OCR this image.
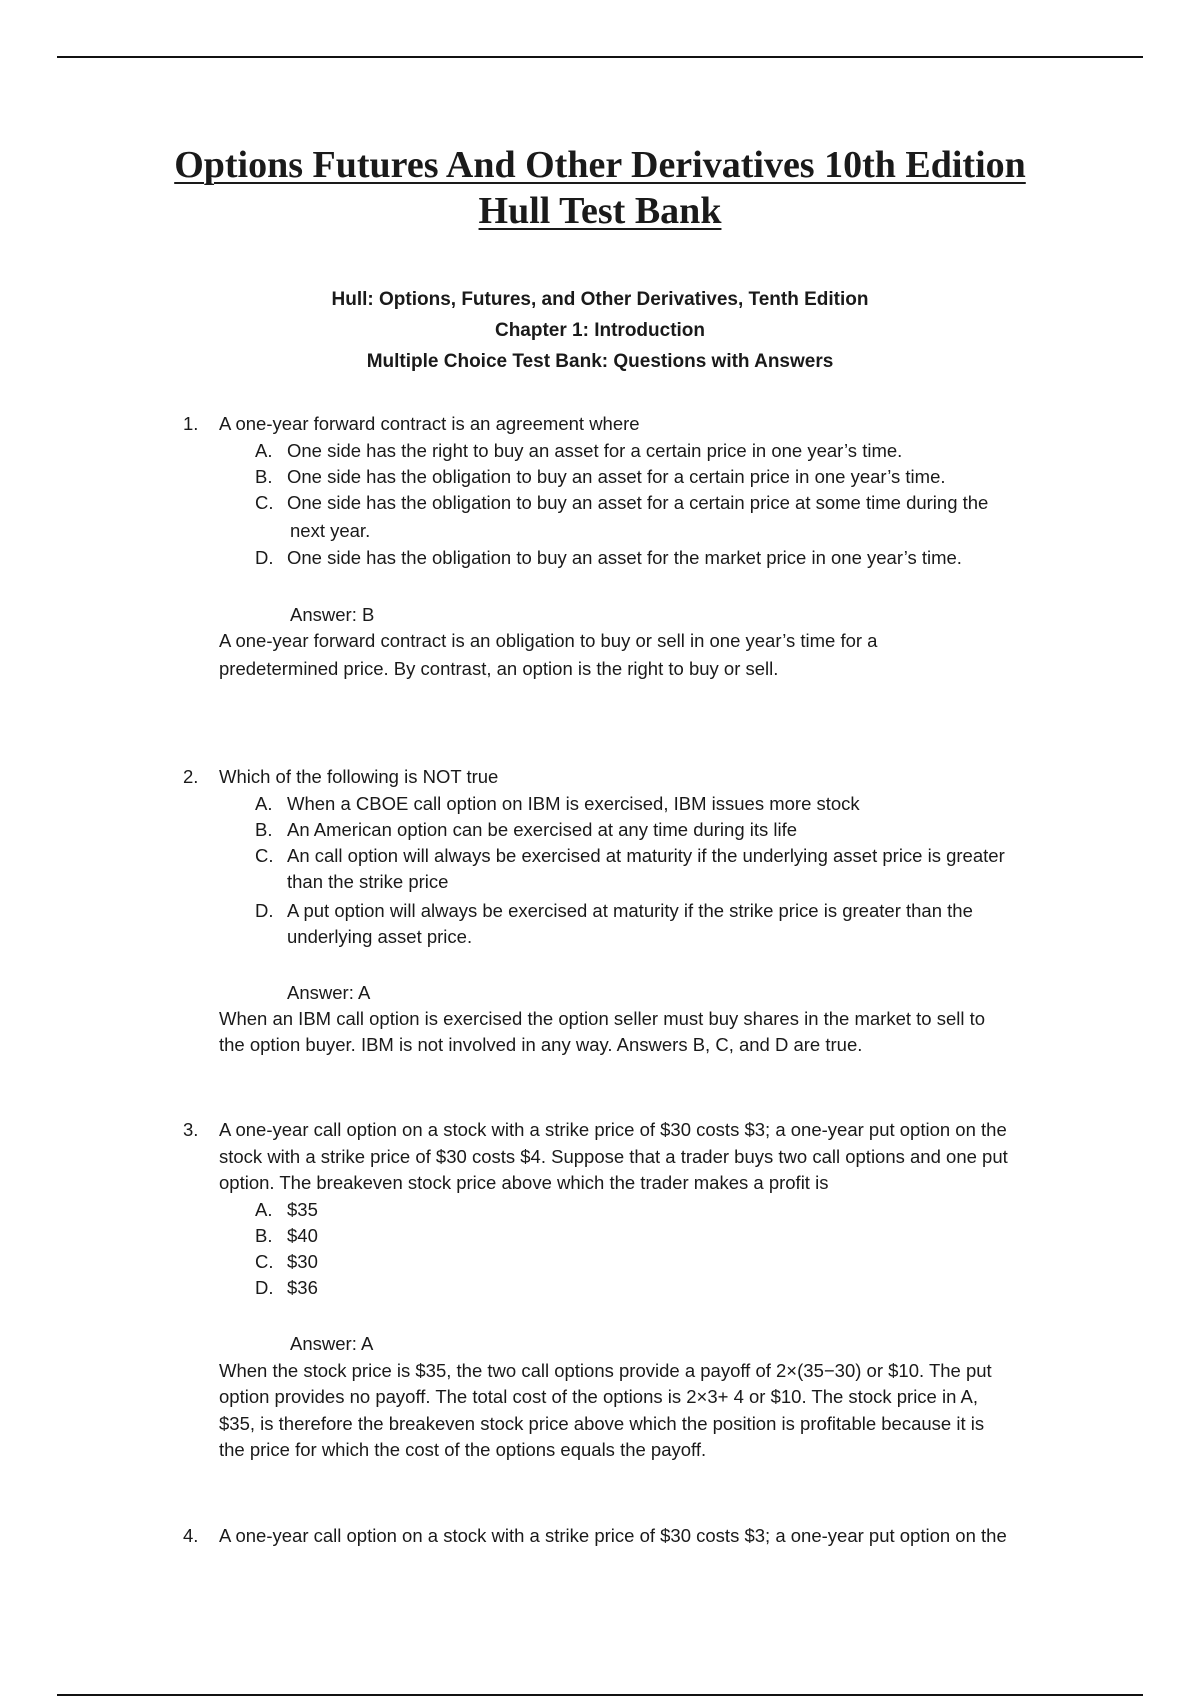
Options Futures And Other Derivatives 10th Edition

Hull Test Bank

Hull: Options, Futures, and Other Derivatives, Tenth Edition
Chapter 1: Introduction
Multiple Choice Test Bank: Questions with Answers
1. A one-year forward contract is an agreement where
A. One side has the right to buy an asset for a certain price in one year’s time.
B. One side has the obligation to buy an asset for a certain price in one year’s time.
C. One side has the obligation to buy an asset for a certain price at some time during the
next year.
D. One side has the obligation to buy an asset for the market price in one year’s time.
Answer: B
A one-year forward contract is an obligation to buy or sell in one year’s time for a
predetermined price. By contrast, an option is the right to buy or sell.
2. Which of the following is NOT true
A. When a CBOE call option on IBM is exercised, IBM issues more stock
B. An American option can be exercised at any time during its life
C. An call option will always be exercised at maturity if the underlying asset price is greater
than the strike price
D. A put option will always be exercised at maturity if the strike price is greater than the
underlying asset price.
Answer: A
When an IBM call option is exercised the option seller must buy shares in the market to sell to
the option buyer. IBM is not involved in any way. Answers B, C, and D are true.
3. A one-year call option on a stock with a strike price of $30 costs $3; a one-year put option on the
stock with a strike price of $30 costs $4. Suppose that a trader buys two call options and one put
option. The breakeven stock price above which the trader makes a profit is
A. $35
B. $40
C. $30
D. $36
Answer: A
When the stock price is $35, the two call options provide a payoff of 2×(35−30) or $10. The put
option provides no payoff. The total cost of the options is 2×3+ 4 or $10. The stock price in A,
$35, is therefore the breakeven stock price above which the position is profitable because it is
the price for which the cost of the options equals the payoff.
4. A one-year call option on a stock with a strike price of $30 costs $3; a one-year put option on the
